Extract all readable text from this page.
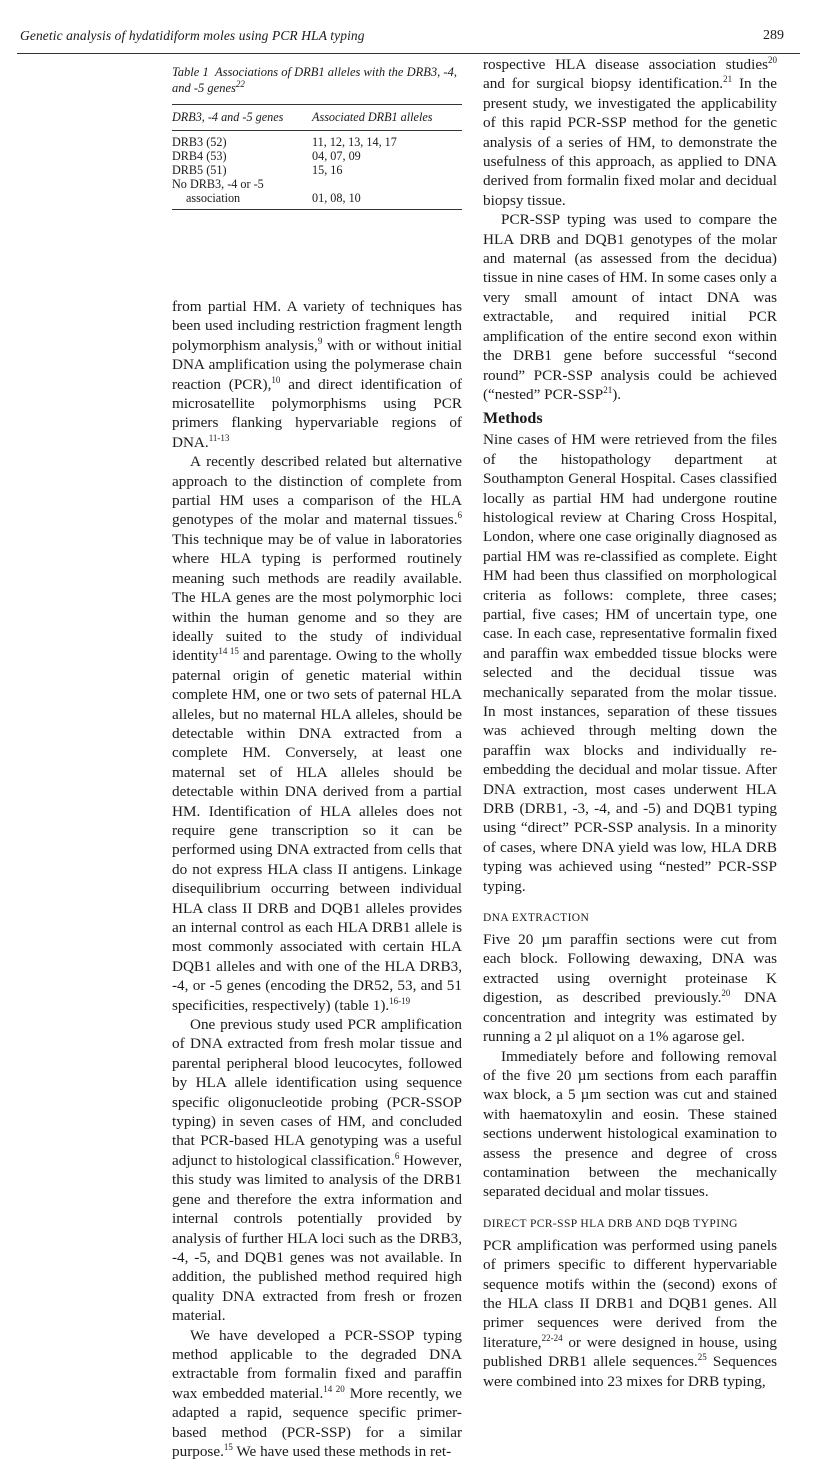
Genetic analysis of hydatidiform moles using PCR HLA typing	289

Table 1 Associations of DRB1 alleles with the DRB3, -4, and -5 genes$^{22}$

DRB3, -4 and -5 genes	Associated DRB1 alleles
DRB3 (52)	11, 12, 13, 14, 17
DRB4 (53)	04, 07, 09
DRB5 (51)	15, 16
No DRB3, -4 or -5	
association	01, 08, 10

from partial HM. A variety of techniques has been used including restriction fragment length polymorphism analysis,$^9$ with or without initial DNA amplification using the polymerase chain reaction (PCR),$^{10}$ and direct identification of microsatellite polymorphisms using PCR primers flanking hypervariable regions of DNA.$^{11-13}$

A recently described related but alternative approach to the distinction of complete from partial HM uses a comparison of the HLA genotypes of the molar and maternal tissues.$^6$ This technique may be of value in laboratories where HLA typing is performed routinely meaning such methods are readily available. The HLA genes are the most polymorphic loci within the human genome and so they are ideally suited to the study of individual identity$^{14 15}$ and parentage. Owing to the wholly paternal origin of genetic material within complete HM, one or two sets of paternal HLA alleles, but no maternal HLA alleles, should be detectable within DNA extracted from a complete HM. Conversely, at least one maternal set of HLA alleles should be detectable within DNA derived from a partial HM. Identification of HLA alleles does not require gene transcription so it can be performed using DNA extracted from cells that do not express HLA class II antigens. Linkage disequilibrium occurring between individual HLA class II DRB and DQB1 alleles provides an internal control as each HLA DRB1 allele is most commonly associated with certain HLA DQB1 alleles and with one of the HLA DRB3, -4, or -5 genes (encoding the DR52, 53, and 51 specificities, respectively) (table 1).$^{16-19}$

One previous study used PCR amplification of DNA extracted from fresh molar tissue and parental peripheral blood leucocytes, followed by HLA allele identification using sequence specific oligonucleotide probing (PCR-SSOP typing) in seven cases of HM, and concluded that PCR-based HLA genotyping was a useful adjunct to histological classification.$^6$ However, this study was limited to analysis of the DRB1 gene and therefore the extra information and internal controls potentially provided by analysis of further HLA loci such as the DRB3, -4, -5, and DQB1 genes was not available. In addition, the published method required high quality DNA extracted from fresh or frozen material.

We have developed a PCR-SSOP typing method applicable to the degraded DNA extractable from formalin fixed and paraffin wax embedded material.$^{14 20}$ More recently, we adapted a rapid, sequence specific primer-based method (PCR-SSP) for a similar purpose.$^{15}$ We have used these methods in ret-

rospective HLA disease association studies$^{20}$ and for surgical biopsy identification.$^{21}$ In the present study, we investigated the applicability of this rapid PCR-SSP method for the genetic analysis of a series of HM, to demonstrate the usefulness of this approach, as applied to DNA derived from formalin fixed molar and decidual biopsy tissue.

PCR-SSP typing was used to compare the HLA DRB and DQB1 genotypes of the molar and maternal (as assessed from the decidua) tissue in nine cases of HM. In some cases only a very small amount of intact DNA was extractable, and required initial PCR amplification of the entire second exon within the DRB1 gene before successful “second round” PCR-SSP analysis could be achieved (“nested” PCR-SSP$^{21}$).

Methods

Nine cases of HM were retrieved from the files of the histopathology department at Southampton General Hospital. Cases classified locally as partial HM had undergone routine histological review at Charing Cross Hospital, London, where one case originally diagnosed as partial HM was re-classified as complete. Eight HM had been thus classified on morphological criteria as follows: complete, three cases; partial, five cases; HM of uncertain type, one case. In each case, representative formalin fixed and paraffin wax embedded tissue blocks were selected and the decidual tissue was mechanically separated from the molar tissue. In most instances, separation of these tissues was achieved through melting down the paraffin wax blocks and individually re-embedding the decidual and molar tissue. After DNA extraction, most cases underwent HLA DRB (DRB1, -3, -4, and -5) and DQB1 typing using “direct” PCR-SSP analysis. In a minority of cases, where DNA yield was low, HLA DRB typing was achieved using “nested” PCR-SSP typing.

DNA EXTRACTION

Five 20 µm paraffin sections were cut from each block. Following dewaxing, DNA was extracted using overnight proteinase K digestion, as described previously.$^{20}$ DNA concentration and integrity was estimated by running a 2 µl aliquot on a 1% agarose gel.

Immediately before and following removal of the five 20 µm sections from each paraffin wax block, a 5 µm section was cut and stained with haematoxylin and eosin. These stained sections underwent histological examination to assess the presence and degree of cross contamination between the mechanically separated decidual and molar tissues.

DIRECT PCR-SSP HLA DRB AND DQB TYPING

PCR amplification was performed using panels of primers specific to different hypervariable sequence motifs within the (second) exons of the HLA class II DRB1 and DQB1 genes. All primer sequences were derived from the literature,$^{22-24}$ or were designed in house, using published DRB1 allele sequences.$^{25}$ Sequences were combined into 23 mixes for DRB typing,
